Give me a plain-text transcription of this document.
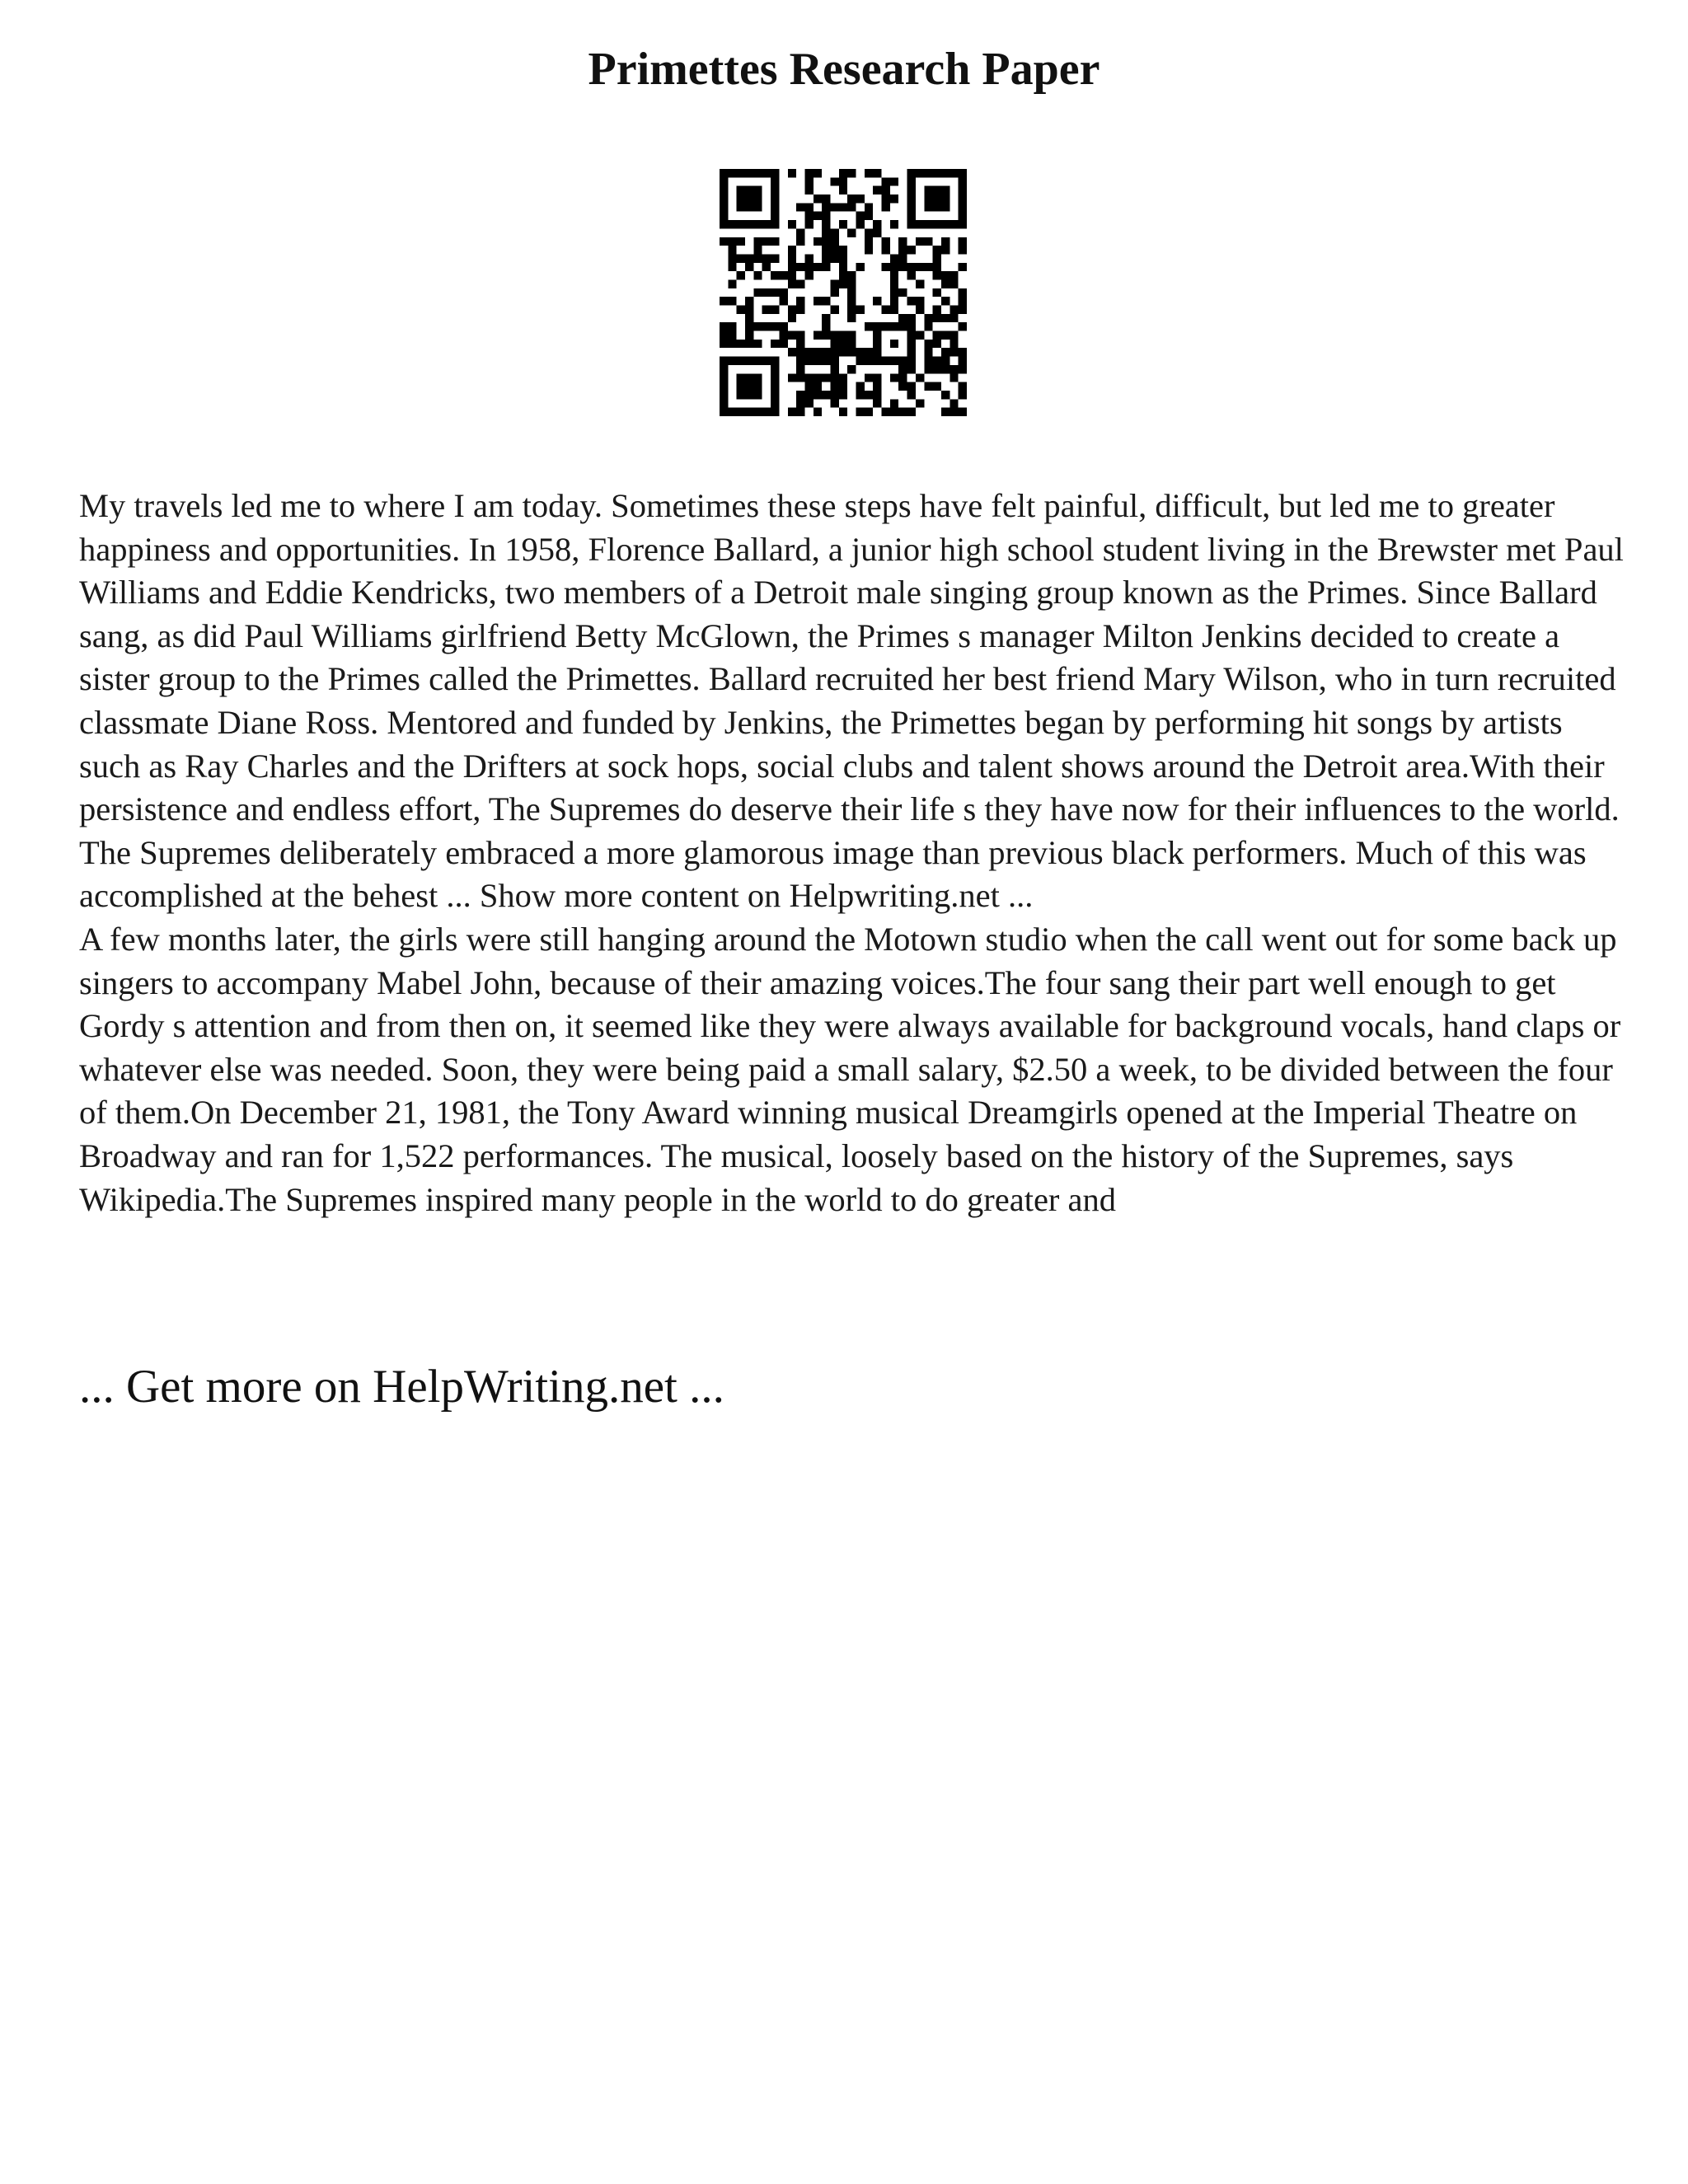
Primettes Research Paper

My travels led me to where I am today. Sometimes these steps have felt painful, difficult, but led me to greater happiness and opportunities. In 1958, Florence Ballard, a junior high school student living in the Brewster met Paul Williams and Eddie Kendricks, two members of a Detroit male singing group known as the Primes. Since Ballard sang, as did Paul Williams girlfriend Betty McGlown, the Primes s manager Milton Jenkins decided to create a sister group to the Primes called the Primettes. Ballard recruited her best friend Mary Wilson, who in turn recruited classmate Diane Ross. Mentored and funded by Jenkins, the Primettes began by performing hit songs by artists such as Ray Charles and the Drifters at sock hops, social clubs and talent shows around the Detroit area.With their persistence and endless effort, The Supremes do deserve their life s they have now for their influences to the world. The Supremes deliberately embraced a more glamorous image than previous black performers. Much of this was accomplished at the behest ... Show more content on Helpwriting.net ...

A few months later, the girls were still hanging around the Motown studio when the call went out for some back up singers to accompany Mabel John, because of their amazing voices.The four sang their part well enough to get Gordy s attention and from then on, it seemed like they were always available for background vocals, hand claps or whatever else was needed. Soon, they were being paid a small salary, $2.50 a week, to be divided between the four of them.On December 21, 1981, the Tony Award winning musical Dreamgirls opened at the Imperial Theatre on Broadway and ran for 1,522 performances. The musical, loosely based on the history of the Supremes, says Wikipedia.The Supremes inspired many people in the world to do greater and

... Get more on HelpWriting.net ...
